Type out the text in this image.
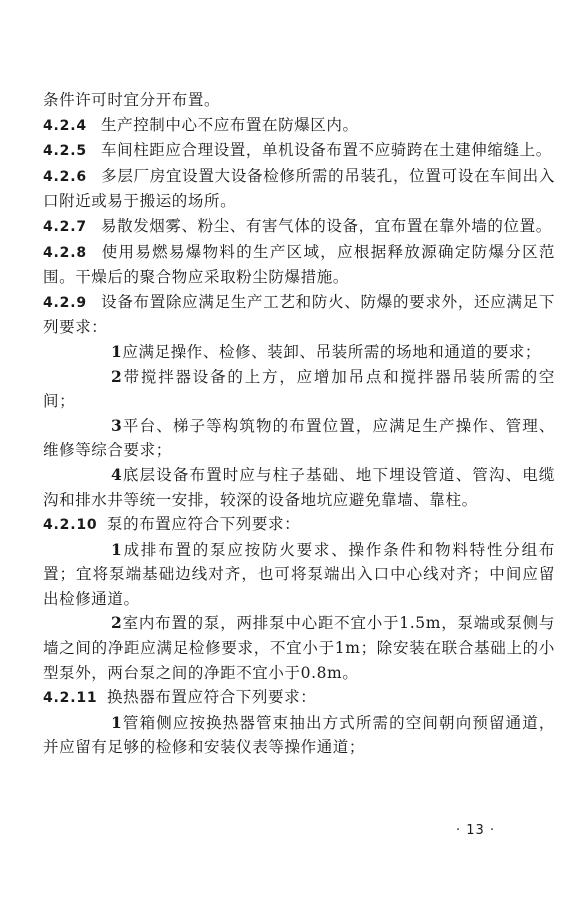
条件许可时宜分开布置。

4.2.4 生产控制中心不应布置在防爆区内。

4.2.5 车间柱距应合理设置，单机设备布置不应骑跨在土建伸缩缝上。

4.2.6 多层厂房宜设置大设备检修所需的吊装孔，位置可设在车间出入口附近或易于搬运的场所。

4.2.7 易散发烟雾、粉尘、有害气体的设备，宜布置在靠外墙的位置。

4.2.8 使用易燃易爆物料的生产区域，应根据释放源确定防爆分区范围。干燥后的聚合物应采取粉尘防爆措施。

4.2.9 设备布置除应满足生产工艺和防火、防爆的要求外，还应满足下列要求：

1应满足操作、检修、装卸、吊装所需的场地和通道的要求；

2带搅拌器设备的上方，应增加吊点和搅拌器吊装所需的空间；

3平台、梯子等构筑物的布置位置，应满足生产操作、管理、维修等综合要求；

4底层设备布置时应与柱子基础、地下埋设管道、管沟、电缆沟和排水井等统一安排，较深的设备地坑应避免靠墙、靠柱。

4.2.10 泵的布置应符合下列要求：

1成排布置的泵应按防火要求、操作条件和物料特性分组布置；宜将泵端基础边线对齐，也可将泵端出入口中心线对齐；中间应留出检修通道。

2室内布置的泵，两排泵中心距不宜小于1.5m，泵端或泵侧与墙之间的净距应满足检修要求，不宜小于1m；除安装在联合基础上的小型泵外，两台泵之间的净距不宜小于0.8m。

4.2.11 换热器布置应符合下列要求：

1管箱侧应按换热器管束抽出方式所需的空间朝向预留通道，并应留有足够的检修和安装仪表等操作通道；

· 13 ·
